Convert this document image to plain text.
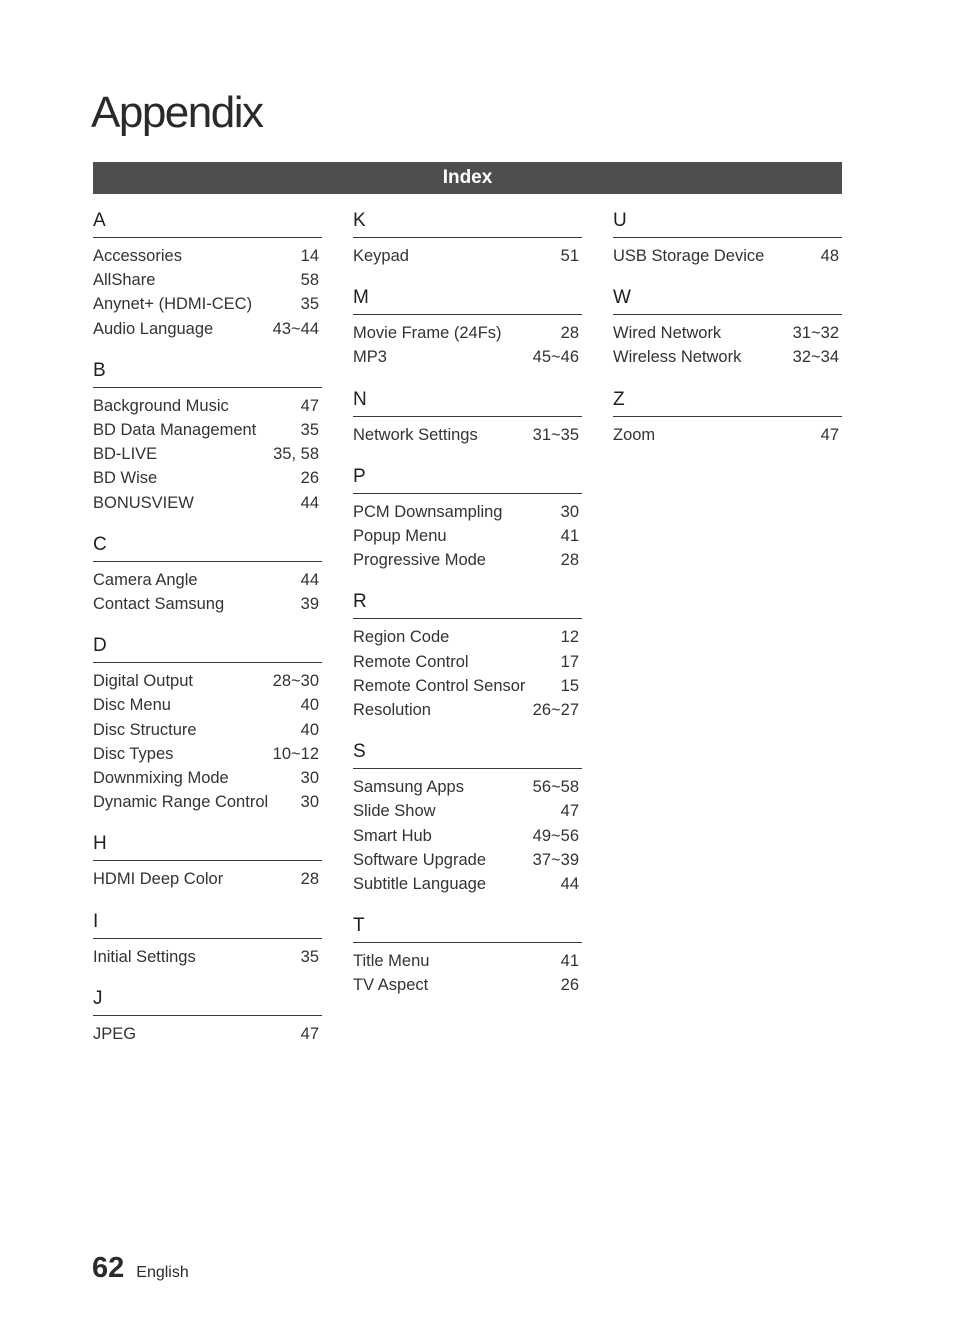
Appendix
Index
A
Accessories	14
AllShare	58
Anynet+ (HDMI-CEC)	35
Audio Language	43~44
B
Background Music	47
BD Data Management	35
BD-LIVE	35, 58
BD Wise	26
BONUSVIEW	44
C
Camera Angle	44
Contact Samsung	39
D
Digital Output	28~30
Disc Menu	40
Disc Structure	40
Disc Types	10~12
Downmixing Mode	30
Dynamic Range Control 30
H
HDMI Deep Color	28
I
Initial Settings	35
J
JPEG	47
K
Keypad	51
M
Movie Frame (24Fs)	28
MP3	45~46
N
Network Settings	31~35
P
PCM Downsampling	30
Popup Menu	41
Progressive Mode	28
R
Region Code	12
Remote Control	17
Remote Control Sensor 15
Resolution	26~27
S
Samsung Apps	56~58
Slide Show	47
Smart Hub	49~56
Software Upgrade	37~39
Subtitle Language	44
T
Title Menu	41
TV Aspect	26
U
USB Storage Device	48
W
Wired Network	31~32
Wireless Network	32~34
Z
Zoom	47
62 English
